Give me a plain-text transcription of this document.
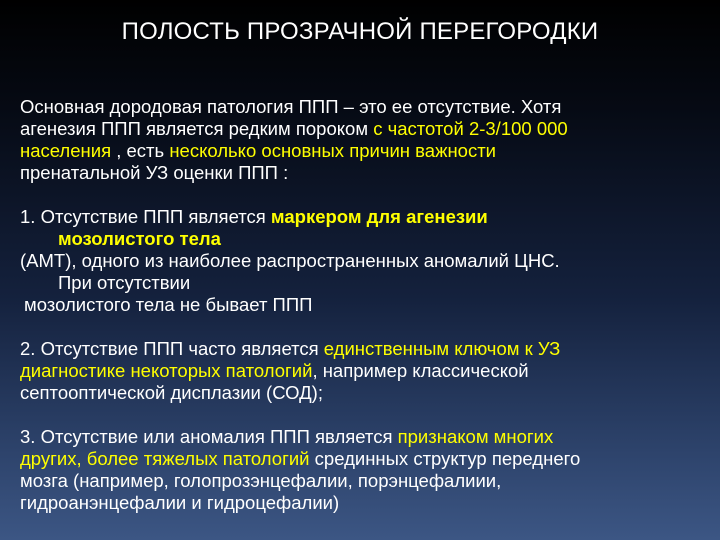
ПОЛОСТЬ ПРОЗРАЧНОЙ ПЕРЕГОРОДКИ
Основная дородовая патология ППП – это ее отсутствие. Хотя
агенезия ППП является редким пороком с частотой 2-3/100 000
населения , есть несколько основных причин важности
пренатальной УЗ оценки ППП :
1. Отсутствие ППП является маркером для агенезии
мозолистого тела
(АМТ), одного из наиболее распространенных аномалий ЦНС.
При отсутствии
мозолистого тела не бывает ППП
2. Отсутствие ППП часто является единственным ключом к УЗ
диагностике некоторых патологий, например классической
септооптической дисплазии (СОД);
3. Отсутствие или аномалия ППП является признаком многих
других, более тяжелых патологий срединных структур переднего
мозга (например, голопрозэнцефалии, порэнцефалиии,
гидроанэнцефалии и гидроцефалии)
